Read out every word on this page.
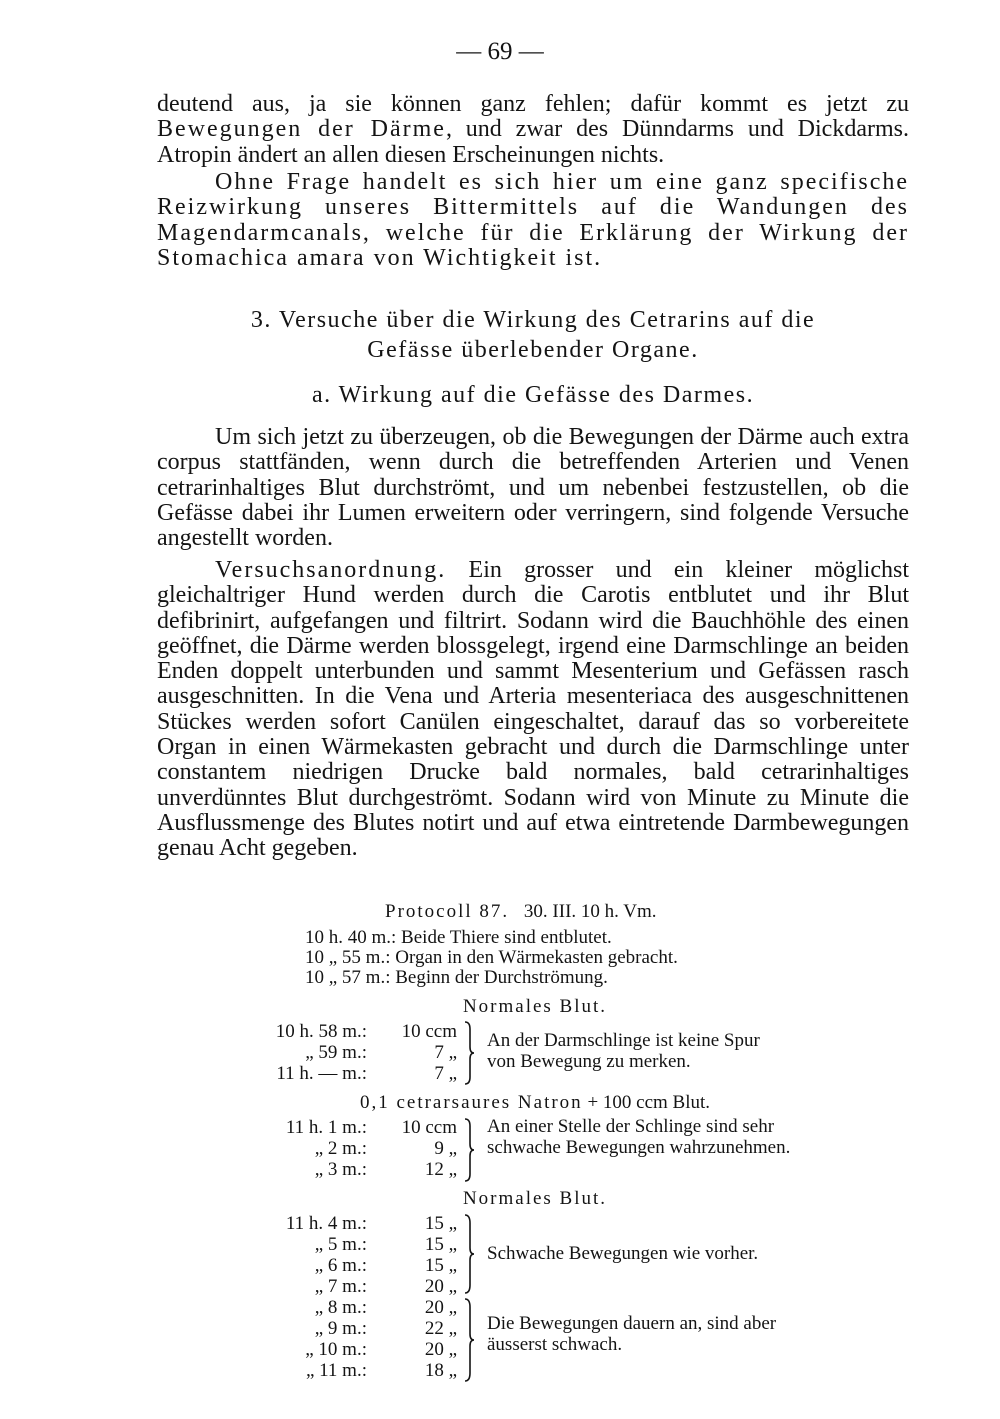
— 69 —

deutend aus, ja sie können ganz fehlen; dafür kommt es jetzt zu Bewegungen der Därme, und zwar des Dünndarms und Dickdarms. Atropin ändert an allen diesen Erscheinungen nichts.

Ohne Frage handelt es sich hier um eine ganz specifische Reizwirkung unseres Bittermittels auf die Wandungen des Magendarmcanals, welche für die Erklärung der Wirkung der Stomachica amara von Wichtigkeit ist.

3. Versuche über die Wirkung des Cetrarins auf die
Gefässe überlebender Organe.
a. Wirkung auf die Gefässe des Darmes.

Um sich jetzt zu überzeugen, ob die Bewegungen der Därme auch extra corpus stattfänden, wenn durch die betreffenden Arterien und Venen cetrarinhaltiges Blut durchströmt, und um nebenbei festzustellen, ob die Gefässe dabei ihr Lumen erweitern oder verringern, sind folgende Versuche angestellt worden.

Versuchsanordnung. Ein grosser und ein kleiner möglichst gleichaltriger Hund werden durch die Carotis entblutet und ihr Blut defibrinirt, aufgefangen und filtrirt. Sodann wird die Bauchhöhle des einen geöffnet, die Därme werden blossgelegt, irgend eine Darmschlinge an beiden Enden doppelt unterbunden und sammt Mesenterium und Gefässen rasch ausgeschnitten. In die Vena und Arteria mesenteriaca des ausgeschnittenen Stückes werden sofort Canülen eingeschaltet, darauf das so vorbereitete Organ in einen Wärmekasten gebracht und durch die Darmschlinge unter constantem niedrigen Drucke bald normales, bald cetrarinhaltiges unverdünntes Blut durchgeströmt. Sodann wird von Minute zu Minute die Ausflussmenge des Blutes notirt und auf etwa eintretende Darmbewegungen genau Acht gegeben.

Protocoll 87. 30. III. 10 h. Vm.
10 h. 40 m.: Beide Thiere sind entblutet.
10 „ 55 m.: Organ in den Wärmekasten gebracht.
10 „ 57 m.: Beginn der Durchströmung.
Normales Blut.
10 h. 58 m.:	10 ccm
„ 59 m.:	7 „
11 h. — m.:	7 „
An der Darmschlinge ist keine Spur von Bewegung zu merken.
0,1 cetrarsaures Natron + 100 ccm Blut.
11 h. 1 m.:	10 ccm
„ 2 m.:	9 „
„ 3 m.:	12 „
An einer Stelle der Schlinge sind sehr schwache Bewegungen wahrzunehmen.
Normales Blut.
11 h. 4 m.:	15 „
„ 5 m.:	15 „
„ 6 m.:	15 „
„ 7 m.:	20 „
„ 8 m.:	20 „
„ 9 m.:	22 „
„ 10 m.:	20 „
„ 11 m.:	18 „
Schwache Bewegungen wie vorher.
Die Bewegungen dauern an, sind aber äusserst schwach.
